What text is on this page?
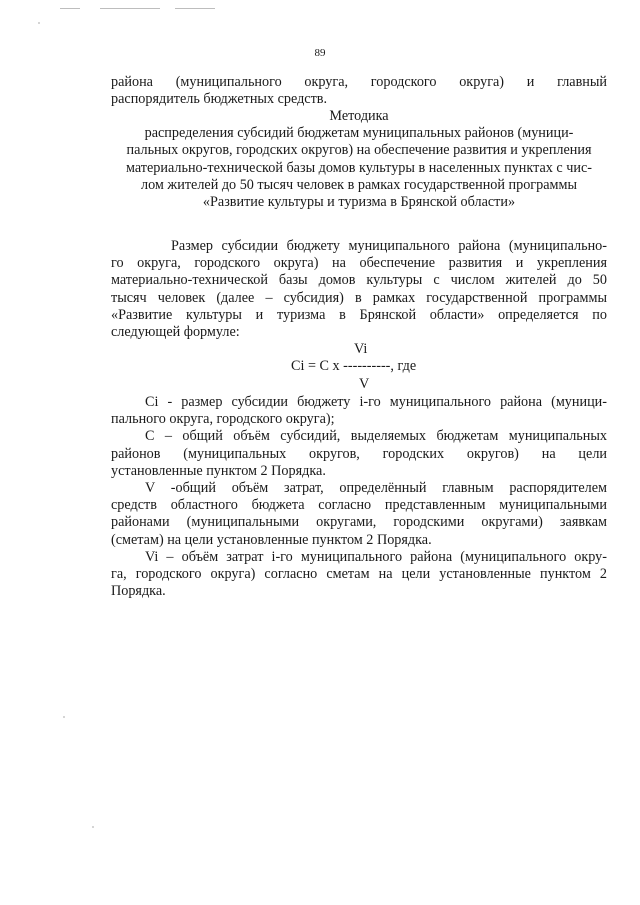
89
района (муниципального округа, городского округа) и главный
распорядитель бюджетных средств.
Методика
распределения субсидий бюджетам муниципальных районов (муници-
пальных округов, городских округов) на обеспечение развития и укрепления
материально-технической базы домов культуры в населенных пунктах с чис-
лом жителей до 50 тысяч человек в рамках государственной программы
«Развитие культуры и туризма в Брянской области»
Размер субсидии бюджету муниципального района (муниципально-
го округа, городского округа) на обеспечение развития и укрепления
материально-технической базы домов культуры с числом жителей до 50
тысяч человек (далее – субсидия) в рамках государственной программы
«Развитие культуры и туризма в Брянской области» определяется по
следующей формуле:
Vi
Ci = C x ----------, где
V
Ci - размер субсидии бюджету i-го муниципального района (муници-
пального округа, городского округа);
C – общий объём субсидий, выделяемых бюджетам муниципальных
районов (муниципальных округов, городских округов) на цели
установленные пунктом 2 Порядка.
V -общий объём затрат, определённый главным распорядителем
средств областного бюджета согласно представленным муниципальными
районами (муниципальными округами, городскими округами) заявкам
(сметам) на цели установленные пунктом 2 Порядка.
Vi – объём затрат i-го муниципального района (муниципального окру-
га, городского округа) согласно сметам на цели установленные пунктом 2
Порядка.
